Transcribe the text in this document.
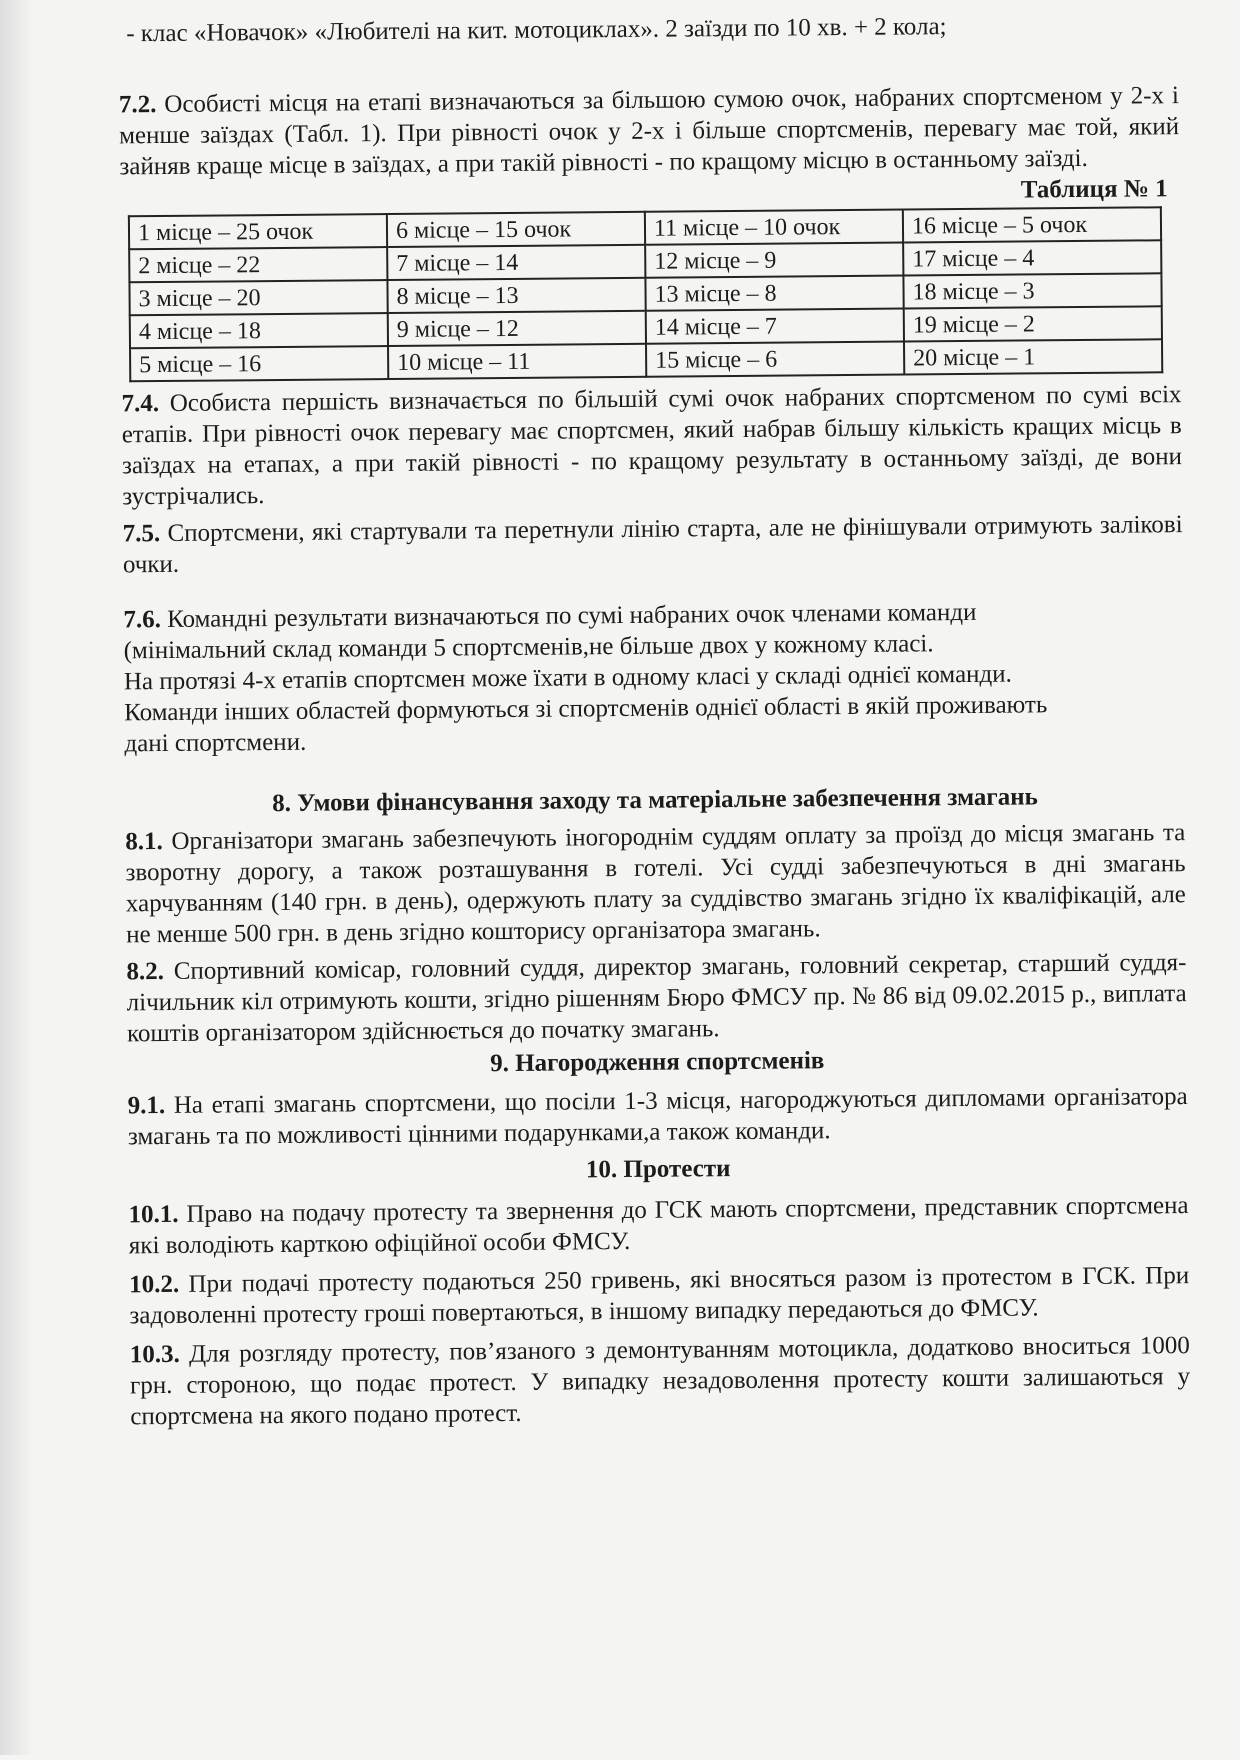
- клас «Новачок» «Любителі на кит. мотоциклах». 2 заїзди по 10 хв. + 2 кола;

7.2. Особисті місця на етапі визначаються за більшою сумою очок, набраних спортсменом у 2-х і менше заїздах (Табл. 1). При рівності очок у 2-х і більше спортсменів, перевагу має той, який зайняв краще місце в заїздах, а при такій рівності - по кращому місцю в останньому заїзді.

Таблиця № 1

1 місце – 25 очок	6 місце – 15 очок	11 місце – 10 очок	16 місце – 5 очок
2 місце – 22	7 місце – 14	12 місце – 9	17 місце – 4
3 місце – 20	8 місце – 13	13 місце – 8	18 місце – 3
4 місце – 18	9 місце – 12	14 місце – 7	19 місце – 2
5 місце – 16	10 місце – 11	15 місце – 6	20 місце – 1

7.4. Особиста першість визначається по більшій сумі очок набраних спортсменом по сумі всіх етапів. При рівності очок перевагу має спортсмен, який набрав більшу кількість кращих місць в заїздах на етапах, а при такій рівності - по кращому результату в останньому заїзді, де вони зустрічались.

7.5. Спортсмени, які стартували та перетнули лінію старта, але не фінішували отримують залікові очки.

7.6. Командні результати визначаються по сумі набраних очок членами команди

(мінімальний склад команди 5 спортсменів,не більше двох у кожному класі.

На протязі 4-х етапів спортсмен може їхати в одному класі у складі однієї команди.

Команди інших областей формуються зі спортсменів однієї області в якій проживають

дані спортсмени.

8. Умови фінансування заходу та матеріальне забезпечення змагань

8.1. Організатори змагань забезпечують іногороднім суддям оплату за проїзд до місця змагань та зворотну дорогу, а також розташування в готелі. Усі судді забезпечуються в дні змагань харчуванням (140 грн. в день), одержують плату за суддівство змагань згідно їх кваліфікацій, але не менше 500 грн. в день згідно кошторису організатора змагань.

8.2. Спортивний комісар, головний суддя, директор змагань, головний секретар, старший суддя-лічильник кіл отримують кошти, згідно рішенням Бюро ФМСУ пр. № 86 від 09.02.2015 р., виплата коштів організатором здійснюється до початку змагань.

9. Нагородження спортсменів

9.1. На етапі змагань спортсмени, що посіли 1-3 місця, нагороджуються дипломами організатора змагань та по можливості цінними подарунками,а також команди.

10. Протести

10.1. Право на подачу протесту та звернення до ГСК мають спортсмени, представник спортсмена які володіють карткою офіційної особи ФМСУ.

10.2. При подачі протесту подаються 250 гривень, які вносяться разом із протестом в ГСК. При задоволенні протесту гроші повертаються, в іншому випадку передаються до ФМСУ.

10.3. Для розгляду протесту, пов’язаного з демонтуванням мотоцикла, додатково вноситься 1000 грн. стороною, що подає протест. У випадку незадоволення протесту кошти залишаються у спортсмена на якого подано протест.
